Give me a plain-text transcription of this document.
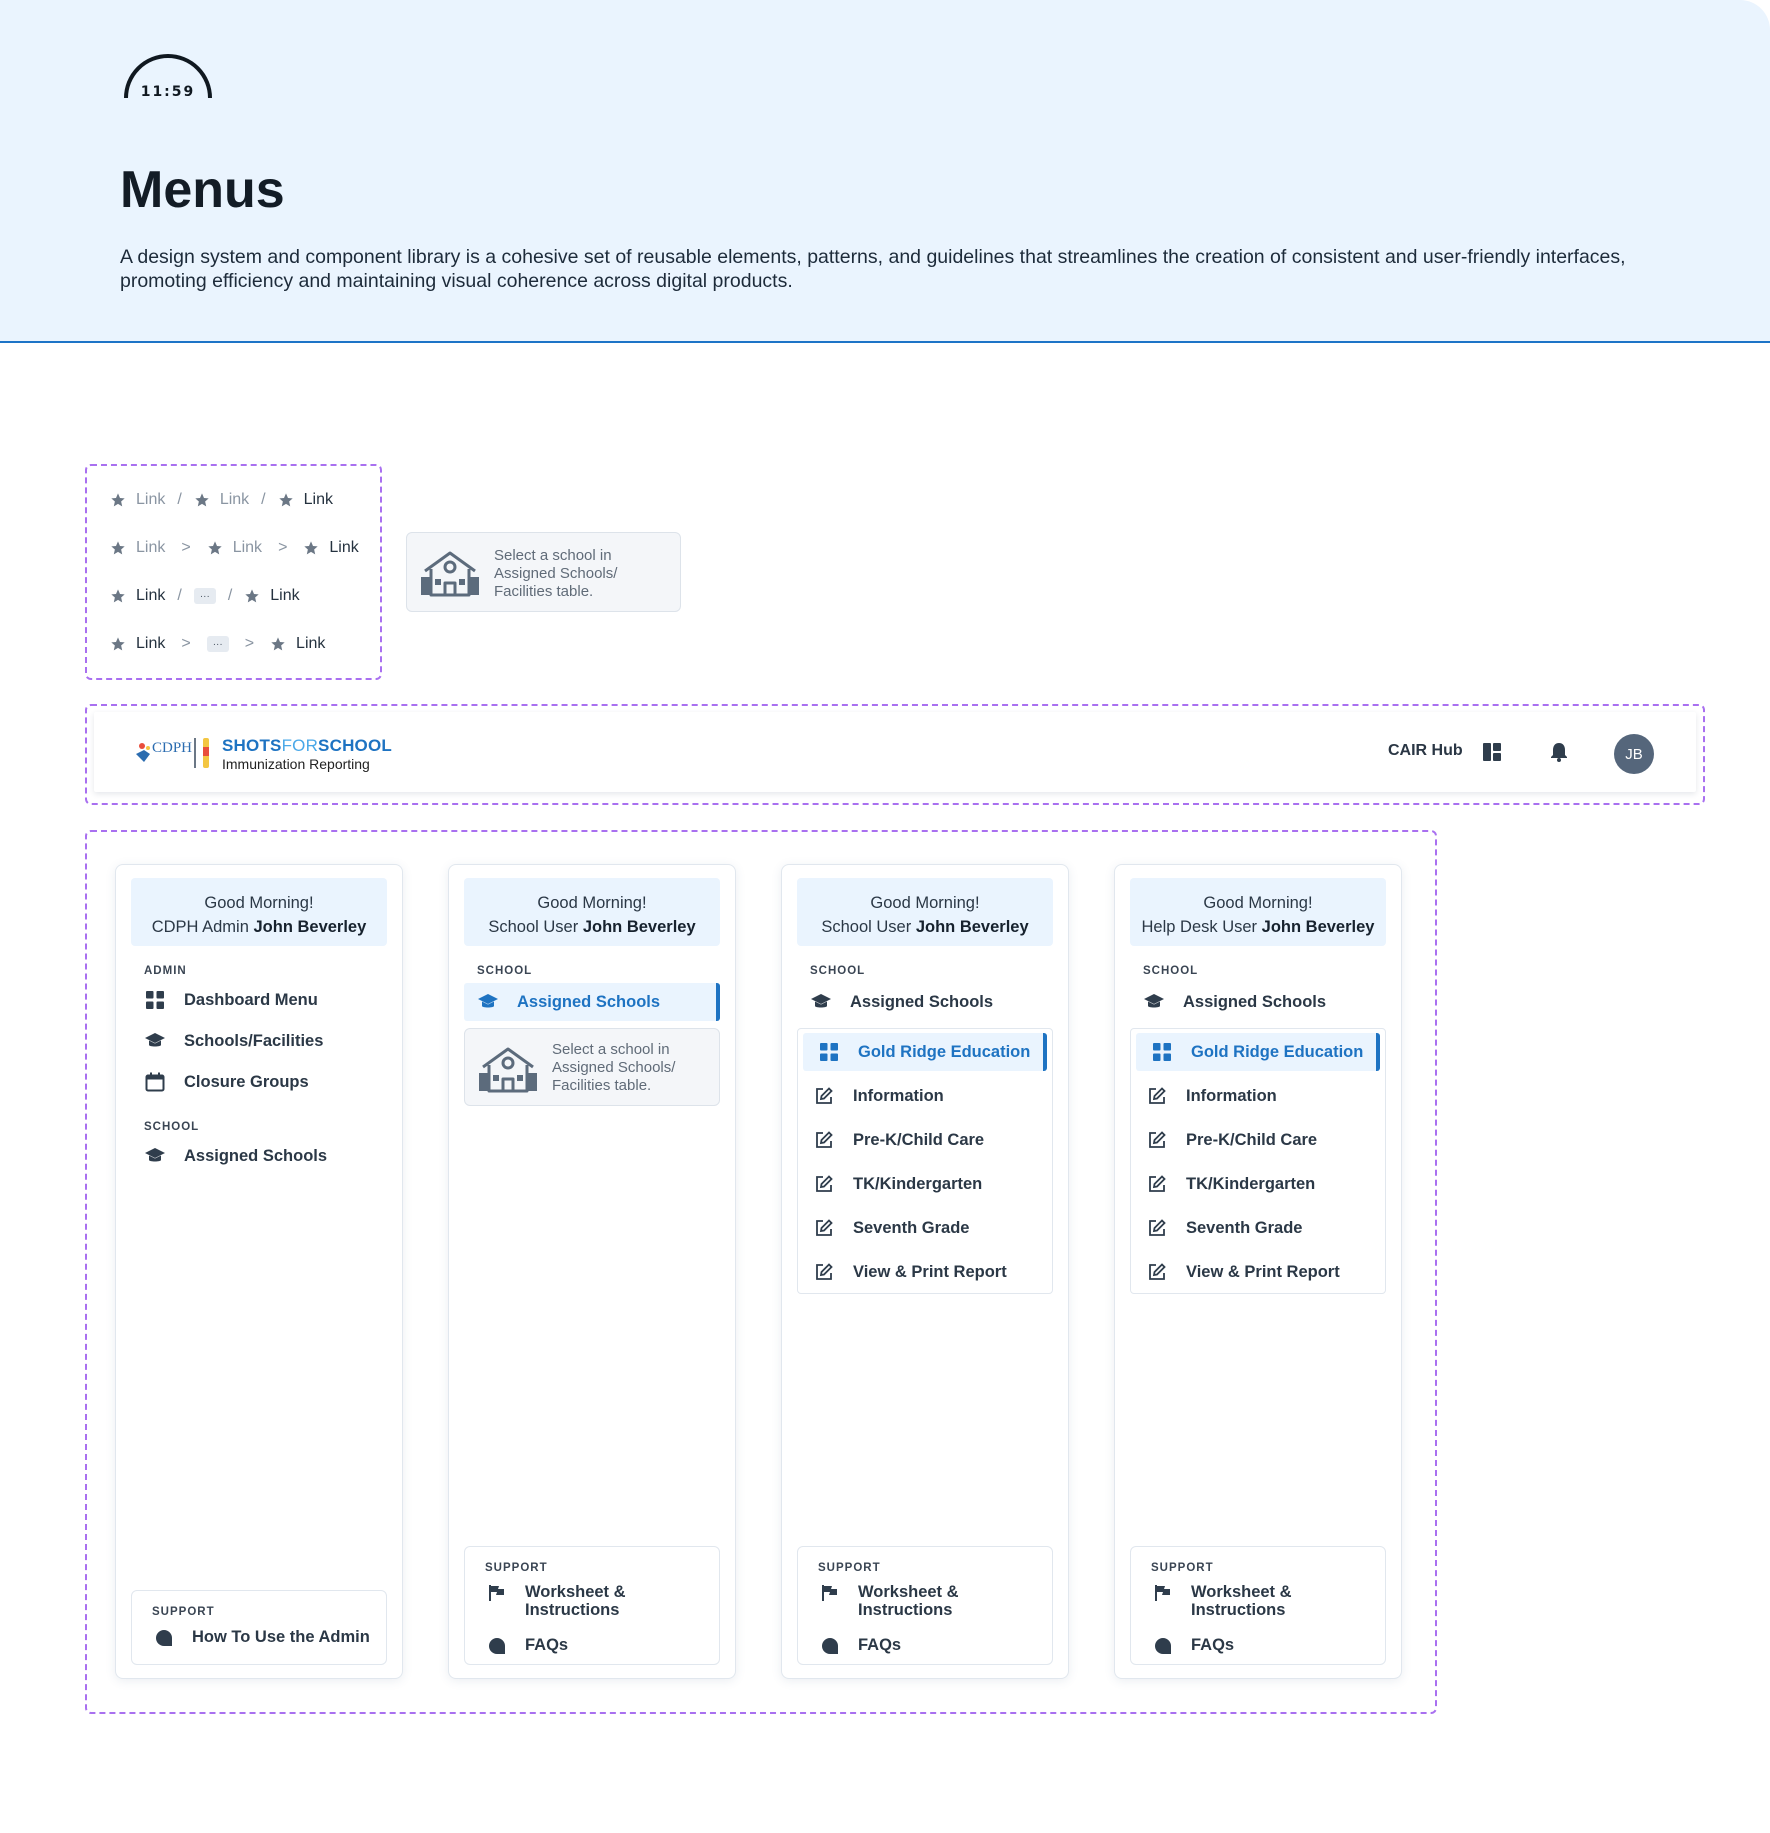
11:59
Menus
A design system and component library is a cohesive set of reusable elements, patterns, and guidelines that streamlines the creation of consistent and user-friendly interfaces, promoting efficiency and maintaining visual coherence across digital products.
Link / Link / Link
Link >	Link >	Link
Link /	···	/ Link
Link >	···	>	Link
Select a school in
Assigned Schools/
Facilities table.
CDPH SHOTSFORSCHOOL
Immunization Reporting
CAIR Hub	JB
Good Morning!
CDPH Admin John Beverley
ADMIN
Dashboard Menu
Schools/Facilities
Closure Groups
SCHOOL
Assigned Schools
SUPPORT
How To Use the Admin
Good Morning!
School User John Beverley
SCHOOL
Assigned Schools
Select a school in
Assigned Schools/
Facilities table.
SUPPORT
Worksheet &
Instructions
FAQs
Good Morning!
School User John Beverley
SCHOOL
Assigned Schools
Gold Ridge Education
Information
Pre-K/Child Care
TK/Kindergarten
Seventh Grade
View & Print Report
SUPPORT
Worksheet &
Instructions
FAQs
Good Morning!
Help Desk User John Beverley
SCHOOL
Assigned Schools
Gold Ridge Education
Information
Pre-K/Child Care
TK/Kindergarten
Seventh Grade
View & Print Report
SUPPORT
Worksheet &
Instructions
FAQs
